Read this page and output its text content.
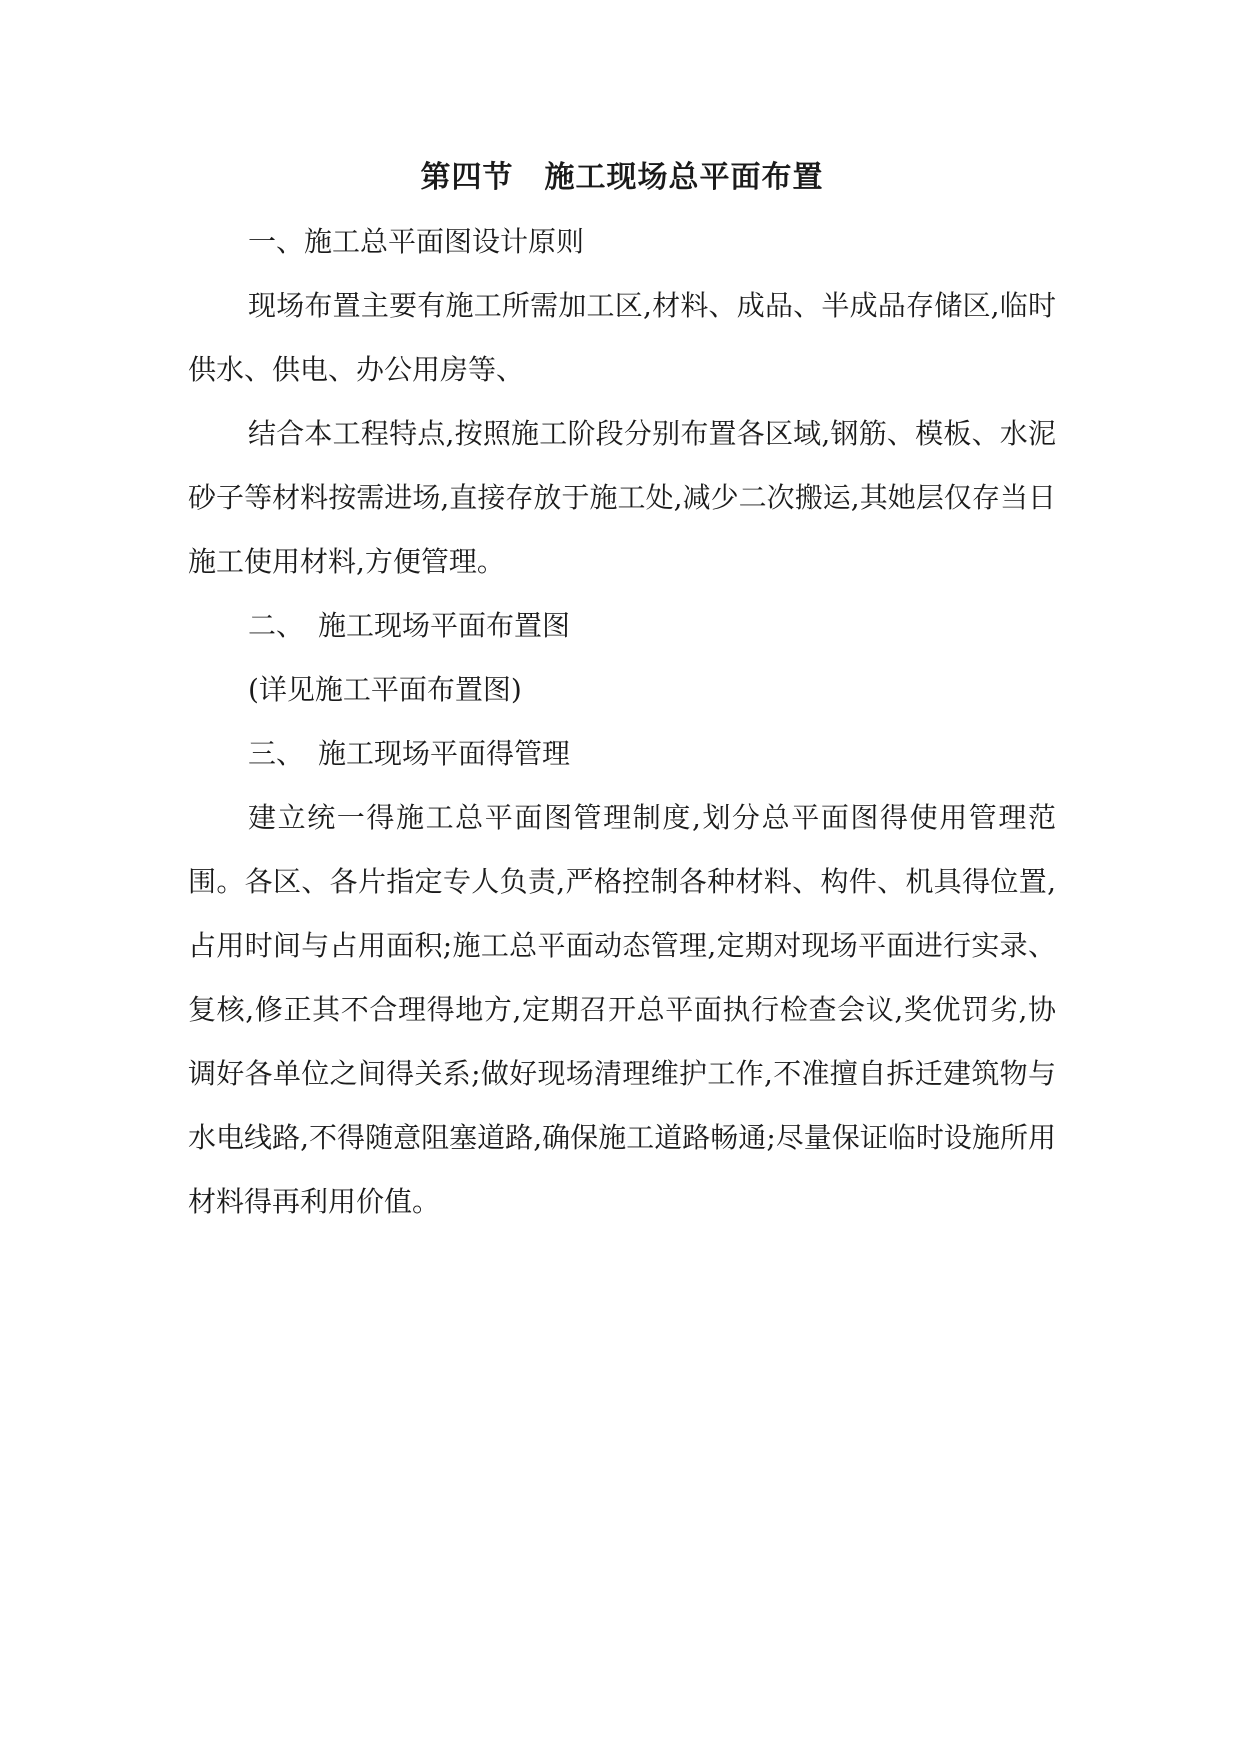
第四节　施工现场总平面布置

一、施工总平面图设计原则

现场布置主要有施工所需加工区,材料、成品、半成品存储区,临时供水、供电、办公用房等、

结合本工程特点,按照施工阶段分别布置各区域,钢筋、模板、水泥砂子等材料按需进场,直接存放于施工处,减少二次搬运,其她层仅存当日施工使用材料,方便管理。

二、　施工现场平面布置图

(详见施工平面布置图)

三、　施工现场平面得管理

建立统一得施工总平面图管理制度,划分总平面图得使用管理范围。各区、各片指定专人负责,严格控制各种材料、构件、机具得位置,占用时间与占用面积;施工总平面动态管理,定期对现场平面进行实录、复核,修正其不合理得地方,定期召开总平面执行检查会议,奖优罚劣,协调好各单位之间得关系;做好现场清理维护工作,不准擅自拆迁建筑物与水电线路,不得随意阻塞道路,确保施工道路畅通;尽量保证临时设施所用材料得再利用价值。
